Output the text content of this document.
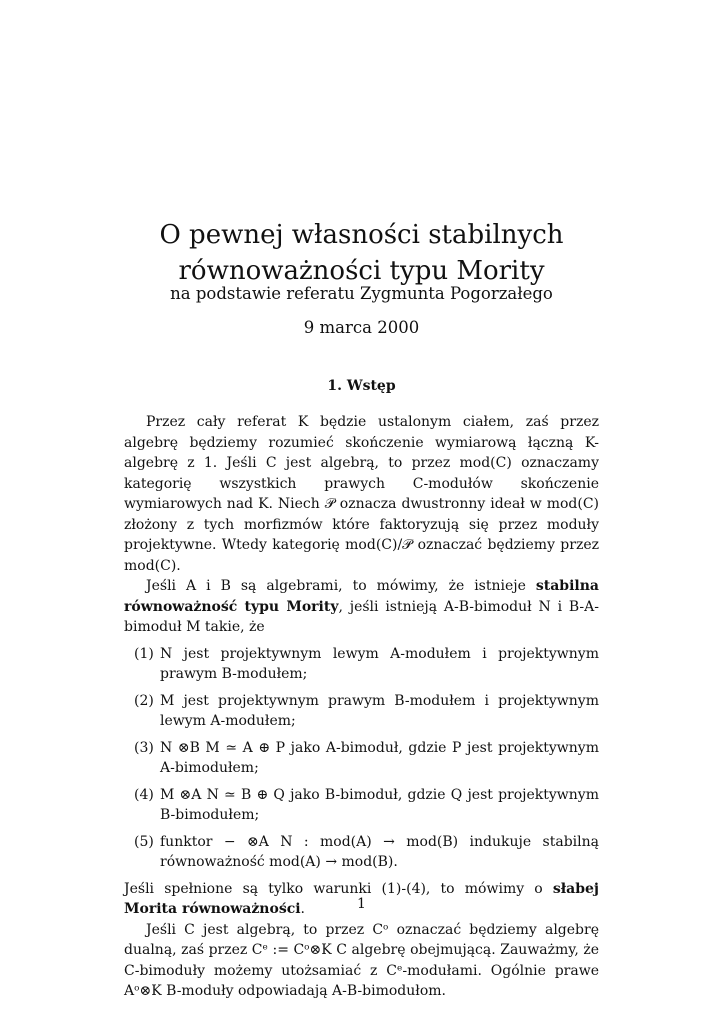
O pewnej własności stabilnych równoważności typu Mority
na podstawie referatu Zygmunta Pogorzałego
9 marca 2000
1. Wstęp

Przez cały referat K będzie ustalonym ciałem, zaś przez algebrę będziemy rozumieć skończenie wymiarową łączną K-algebrę z 1. Jeśli C jest algebrą, to przez mod(C) oznaczamy kategorię wszystkich prawych C-modułów skończenie wymiarowych nad K. Niech 𝒫 oznacza dwustronny ideał w mod(C) złożony z tych morfizmów które faktoryzują się przez moduły projektywne. Wtedy kategorię mod(C)/𝒫 oznaczać będziemy przez mod(C).

Jeśli A i B są algebrami, to mówimy, że istnieje stabilna równoważność typu Mority, jeśli istnieją A-B-bimoduł N i B-A-bimoduł M takie, że

(1) N jest projektywnym lewym A-modułem i projektywnym prawym B-modułem;
(2) M jest projektywnym prawym B-modułem i projektywnym lewym A-modułem;
(3) N ⊗B M ≃ A ⊕ P jako A-bimoduł, gdzie P jest projektywnym A-bimodułem;
(4) M ⊗A N ≃ B ⊕ Q jako B-bimoduł, gdzie Q jest projektywnym B-bimodułem;
(5) funktor − ⊗A N : mod(A) → mod(B) indukuje stabilną równoważność mod(A) → mod(B).

Jeśli spełnione są tylko warunki (1)-(4), to mówimy o słabej Morita równoważności.

Jeśli C jest algebrą, to przez Cᵒ oznaczać będziemy algebrę dualną, zaś przez Cᵉ := Cᵒ⊗K C algebrę obejmującą. Zauważmy, że C-bimoduły możemy utożsamiać z Cᵉ-modułami. Ogólnie prawe Aᵒ⊗K B-moduły odpowiadają A-B-bimodułom.

1
